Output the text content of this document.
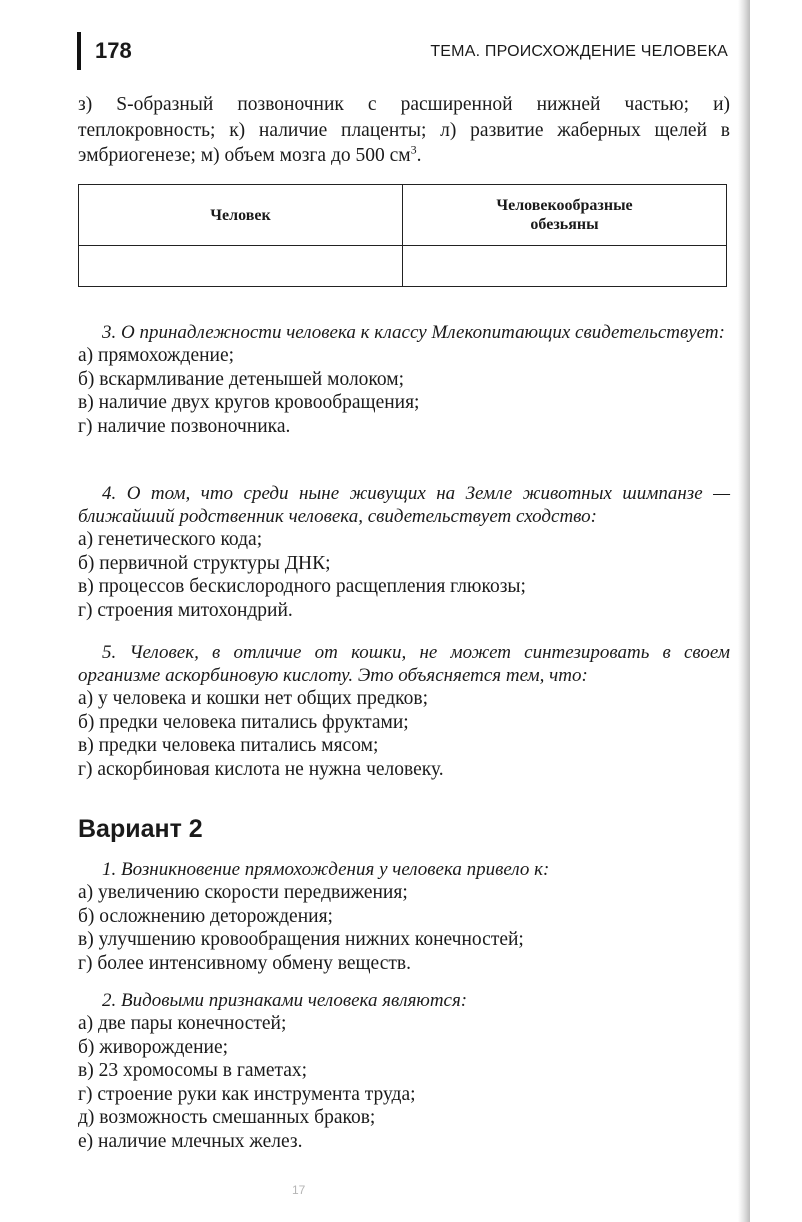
178	ТЕМА. ПРОИСХОЖДЕНИЕ ЧЕЛОВЕКА
з) S-образный позвоночник с расширенной нижней частью; и) теплокровность; к) наличие плаценты; л) развитие жаберных щелей в эмбриогенезе; м) объем мозга до 500 $см^3$.
Человек	Человекообразные обезьяны

3. О принадлежности человека к классу Млекопитающих свидетельствует:
а) прямохождение;
б) вскармливание детенышей молоком;
в) наличие двух кругов кровообращения;
г) наличие позвоночника.
4. О том, что среди ныне живущих на Земле животных шимпанзе — ближайший родственник человека, свидетельствует сходство:
а) генетического кода;
б) первичной структуры ДНК;
в) процессов бескислородного расщепления глюкозы;
г) строения митохондрий.
5. Человек, в отличие от кошки, не может синтезировать в своем организме аскорбиновую кислоту. Это объясняется тем, что:
а) у человека и кошки нет общих предков;
б) предки человека питались фруктами;
в) предки человека питались мясом;
г) аскорбиновая кислота не нужна человеку.
Вариант 2
1. Возникновение прямохождения у человека привело к:
а) увеличению скорости передвижения;
б) осложнению деторождения;
в) улучшению кровообращения нижних конечностей;
г) более интенсивному обмену веществ.
2. Видовыми признаками человека являются:
а) две пары конечностей;
б) живорождение;
в) 23 хромосомы в гаметах;
г) строение руки как инструмента труда;
д) возможность смешанных браков;
е) наличие млечных желез.
17
